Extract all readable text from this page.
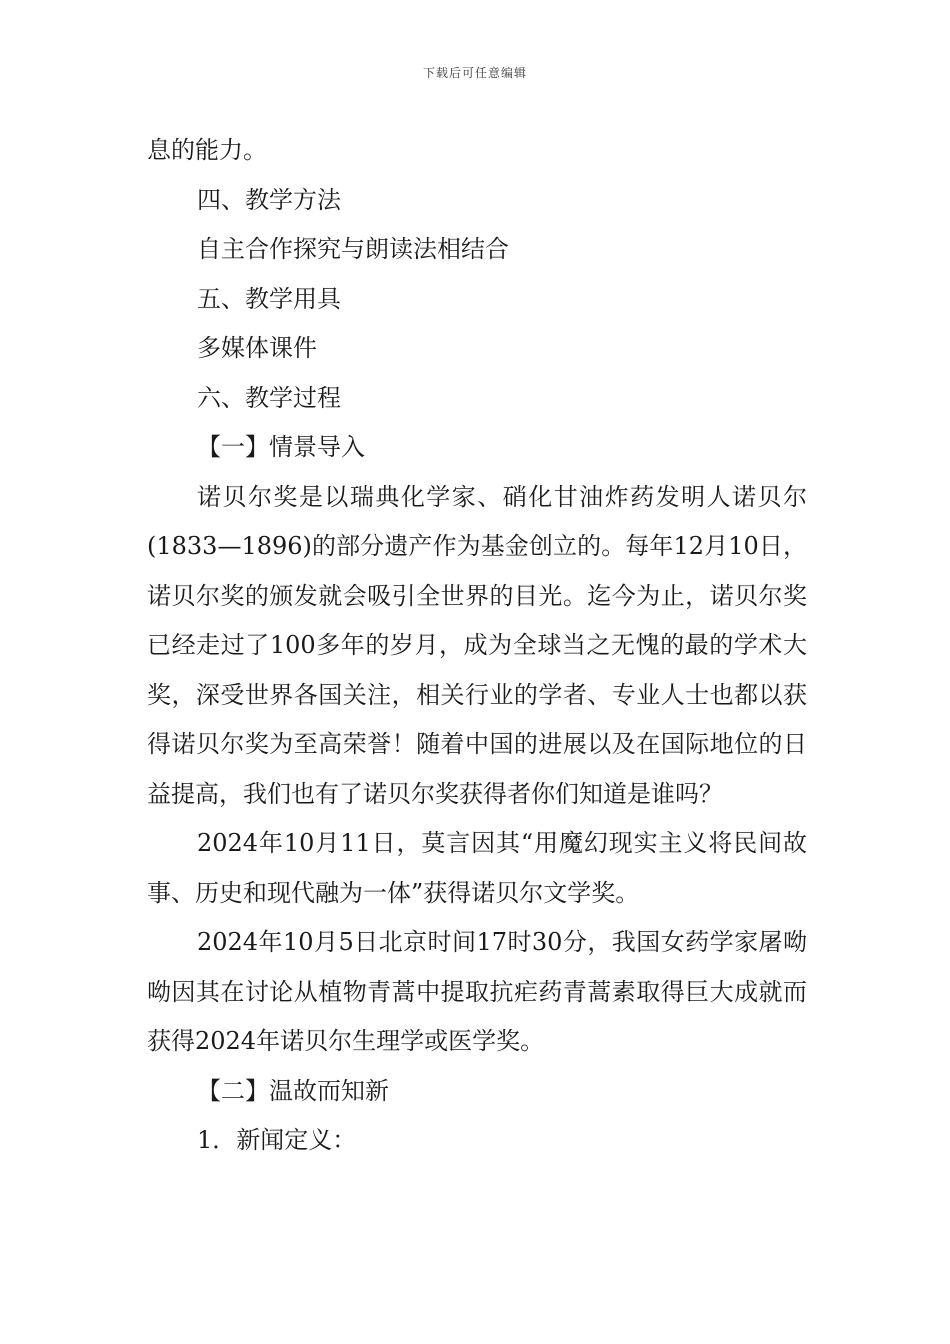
下载后可任意编辑
息的能力。
四、教学方法
自主合作探究与朗读法相结合
五、教学用具
多媒体课件
六、教学过程
【一】情景导入
诺贝尔奖是以瑞典化学家、硝化甘油炸药发明人诺贝尔(1833—1896)的部分遗产作为基金创立的。每年12月10日，诺贝尔奖的颁发就会吸引全世界的目光。迄今为止，诺贝尔奖已经走过了100多年的岁月，成为全球当之无愧的最的学术大奖，深受世界各国关注，相关行业的学者、专业人士也都以获得诺贝尔奖为至高荣誉！随着中国的进展以及在国际地位的日益提高，我们也有了诺贝尔奖获得者你们知道是谁吗？
2024年10月11日，莫言因其“用魔幻现实主义将民间故事、历史和现代融为一体”获得诺贝尔文学奖。
2024年10月5日北京时间17时30分，我国女药学家屠呦呦因其在讨论从植物青蒿中提取抗疟药青蒿素取得巨大成就而获得2024年诺贝尔生理学或医学奖。
【二】温故而知新
1．新闻定义：
